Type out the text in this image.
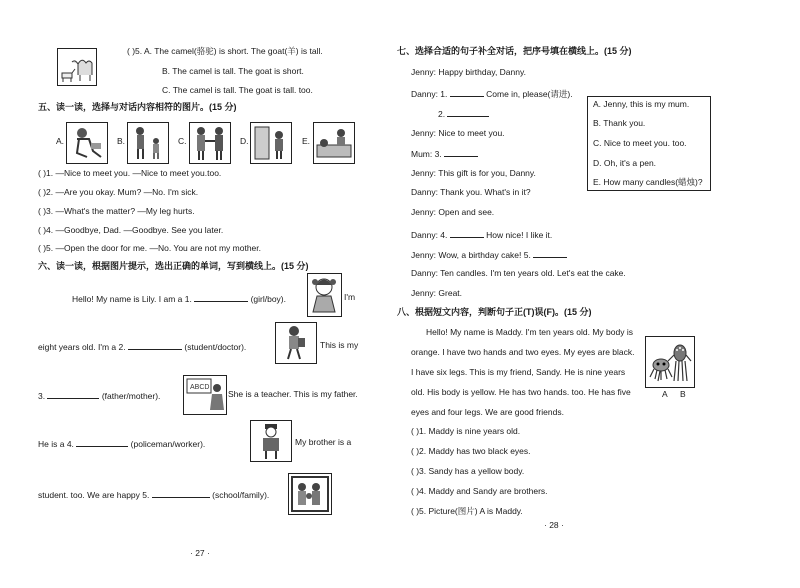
( )5. A. The camel(骆驼) is short. The goat(羊) is tall.
B. The camel is tall. The goat is short.
C. The camel is tall. The goat is tall. too.
五、读一读，选择与对话内容相符的图片。(15 分)
A.	B.	C.	D.	E.
( )1. —Nice to meet you. —Nice to meet you.too.
( )2. —Are you okay. Mum? —No. I'm sick.
( )3. —What's the matter? —My leg hurts.
( )4. —Goodbye, Dad. —Goodbye. See you later.
( )5. —Open the door for me. —No. You are not my mother.
六、读一读，根据图片提示，选出正确的单词，写到横线上。(15 分)
Hello! My name is Lily. I am a 1.	(girl/boy).	I'm
eight years old. I'm a 2.	(student/doctor).	This is my
3.	(father/mother).
ABCD
She is a teacher. This is my father.
He is a 4.	(policeman/worker).	My brother is a
student. too. We are happy 5.	(school/family).
· 27 ·
七、选择合适的句子补全对话，把序号填在横线上。(15 分)
Jenny: Happy birthday, Danny.
Danny: 1.	Come in, please(请进).
2.
Jenny: Nice to meet you.
Mum: 3.
Jenny: This gift is for you, Danny.
Danny: Thank you. What's in it?
Jenny: Open and see.
Danny: 4.	How nice! I like it.
Jenny: Wow, a birthday cake! 5.
Danny: Ten candles. I'm ten years old. Let's eat the cake.
Jenny: Great.
A. Jenny, this is my mum.
B. Thank you.
C. Nice to meet you. too.
D. Oh, it's a pen.
E. How many candles(蜡烛)?
八、根据短文内容，判断句子正(T)误(F)。(15 分)
Hello! My name is Maddy. I'm ten years old. My body is
orange. I have two hands and two eyes. My eyes are black.
I have six legs. This is my friend, Sandy. He is nine years
old. His body is yellow. He has two hands. too. He has five
eyes and four legs. We are good friends.
A B
( )1. Maddy is nine years old.
( )2. Maddy has two black eyes.
( )3. Sandy has a yellow body.
( )4. Maddy and Sandy are brothers.
( )5. Picture(图片) A is Maddy.
· 28 ·
